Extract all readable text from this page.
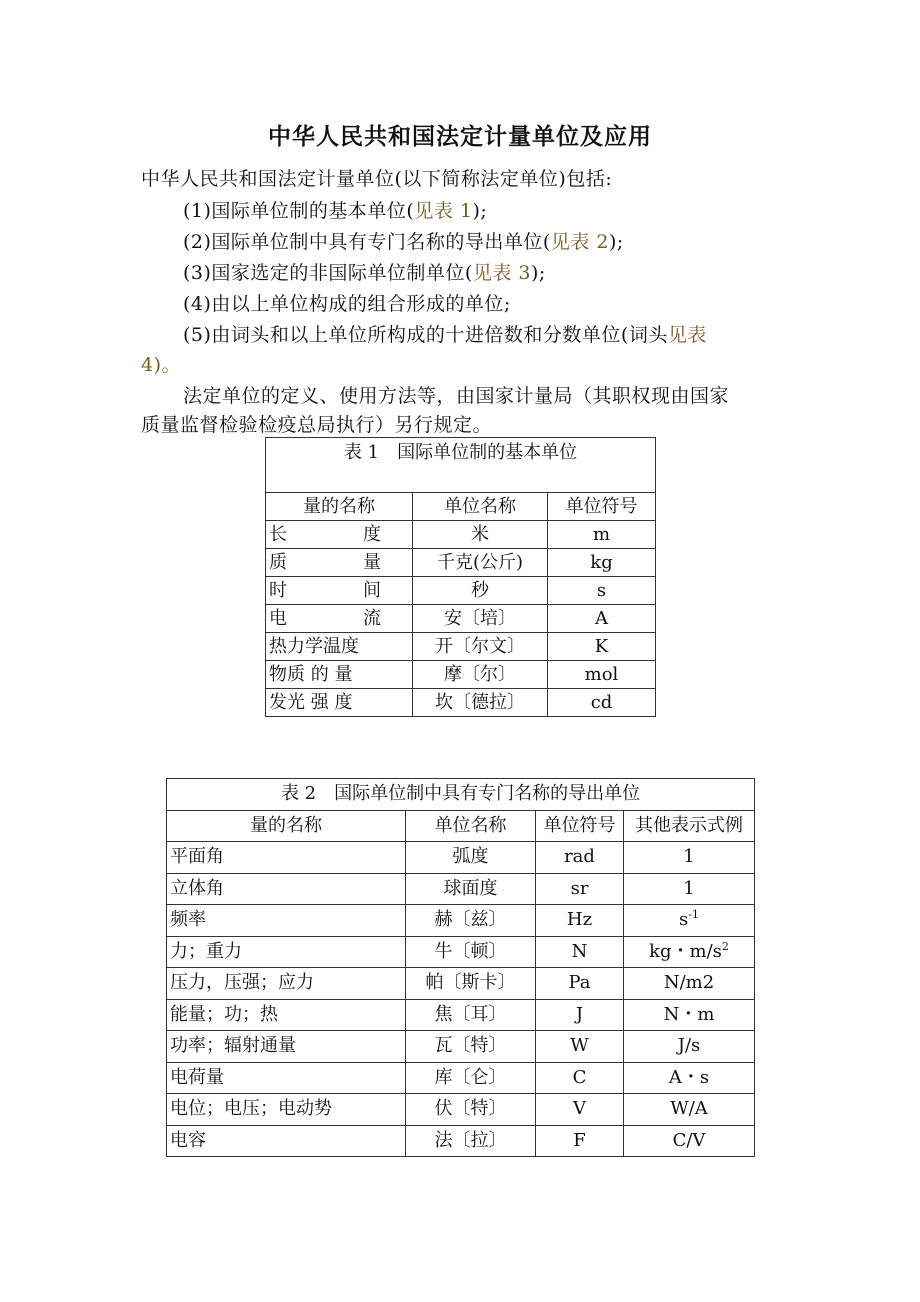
中华人民共和国法定计量单位及应用
中华人民共和国法定计量单位(以下简称法定单位)包括:
(1)国际单位制的基本单位(见表 1);
(2)国际单位制中具有专门名称的导出单位(见表 2);
(3)国家选定的非国际单位制单位(见表 3);
(4)由以上单位构成的组合形成的单位;
(5)由词头和以上单位所构成的十进倍数和分数单位(词头见表
4)。
法定单位的定义、使用方法等，由国家计量局（其职权现由国家
质量监督检验检疫总局执行）另行规定。
表 1　国际单位制的基本单位		
量的名称	单位名称	单位符号
长 度	米	m
质 量	千克(公斤)	kg
时 间	秒	s
电 流	安〔培〕	A
热力学温度	开〔尔文〕	K
物质 的 量	摩〔尔〕	mol
发光 强 度	坎〔德拉〕	cd
表 2　国际单位制中具有专门名称的导出单位			
量的名称	单位名称	单位符号	其他表示式例
平面角	弧度	rad	1
立体角	球面度	sr	1
频率	赫〔兹〕	Hz	$s^{-1}$
力；重力	牛〔顿〕	N	kg・$m/s^2$
压力，压强；应力	帕〔斯卡〕	Pa	N/m2
能量；功；热	焦〔耳〕	J	N・m
功率；辐射通量	瓦〔特〕	W	J/s
电荷量	库〔仑〕	C	A・s
电位；电压；电动势	伏〔特〕	V	W/A
电容	法〔拉〕	F	C/V
